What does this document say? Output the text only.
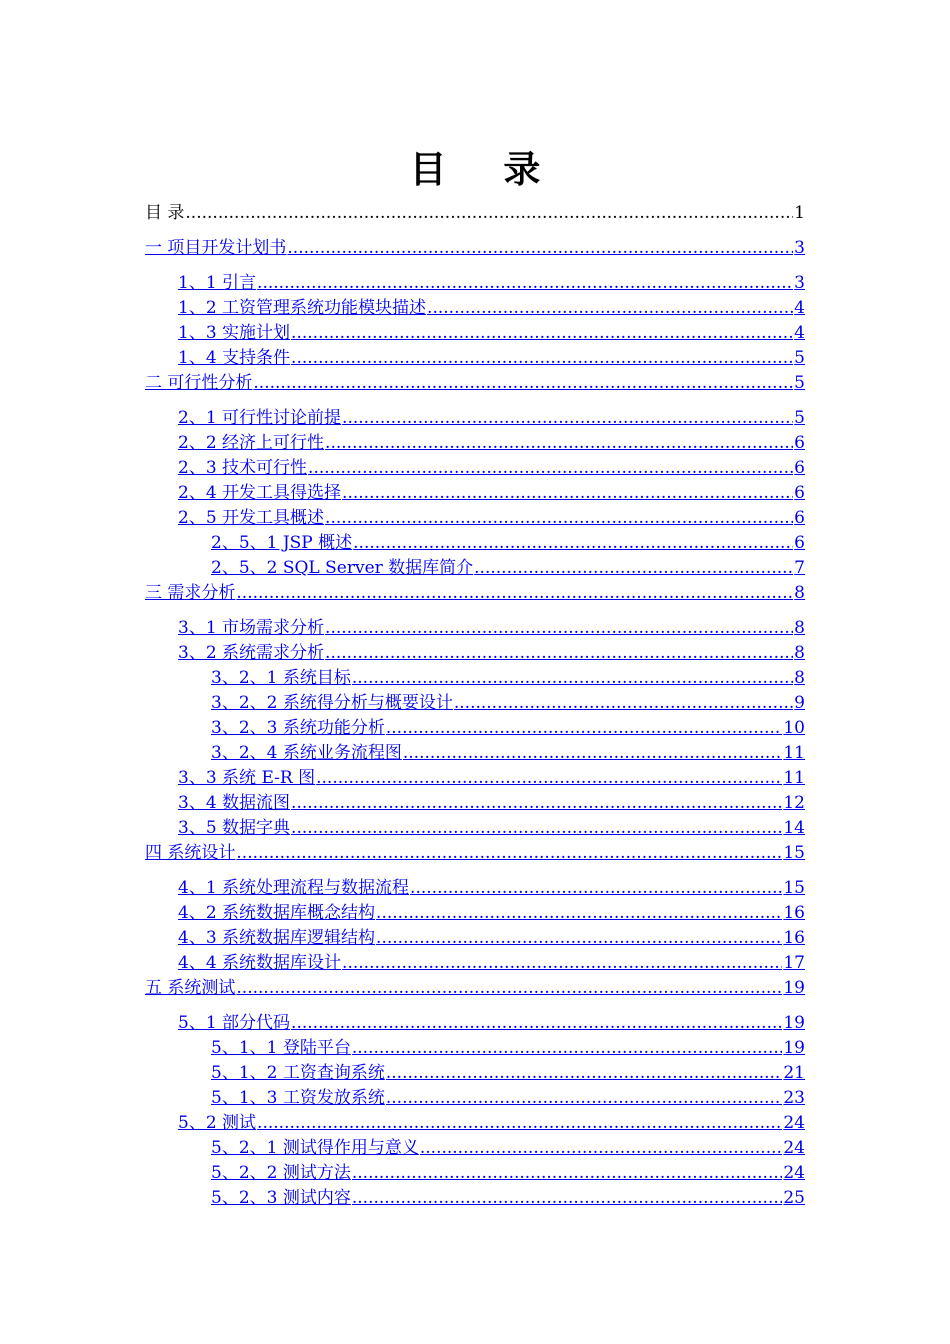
目 录
目 录 .....	1
一 项目开发计划书 .....	3
1、1 引言 .....	3
1、2 工资管理系统功能模块描述 .....	4
1、3 实施计划 .....	4
1、4 支持条件 .....	5
二 可行性分析 .....	5
2、1 可行性讨论前提 .....	5
2、2 经济上可行性 .....	6
2、3 技术可行性 .....	6
2、4 开发工具得选择 .....	6
2、5 开发工具概述 .....	6
2、5、1 JSP 概述 .....	6
2、5、2 SQL Server 数据库简介 .....	7
三 需求分析 .....	8
3、1 市场需求分析 .....	8
3、2 系统需求分析 .....	8
3、2、1 系统目标 .....	8
3、2、2 系统得分析与概要设计 .....	9
3、2、3 系统功能分析 .....	10
3、2、4 系统业务流程图 .....	11
3、3 系统 E-R 图 .....	11
3、4 数据流图 .....	12
3、5 数据字典 .....	14
四 系统设计 .....	15
4、1 系统处理流程与数据流程 .....	15
4、2 系统数据库概念结构 .....	16
4、3 系统数据库逻辑结构 .....	16
4、4 系统数据库设计 .....	17
五 系统测试 .....	19
5、1 部分代码 .....	19
5、1、1 登陆平台 .....	19
5、1、2 工资查询系统 .....	21
5、1、3 工资发放系统 .....	23
5、2 测试 .....	24
5、2、1 测试得作用与意义 .....	24
5、2、2 测试方法 .....	24
5、2、3 测试内容 .....	25
